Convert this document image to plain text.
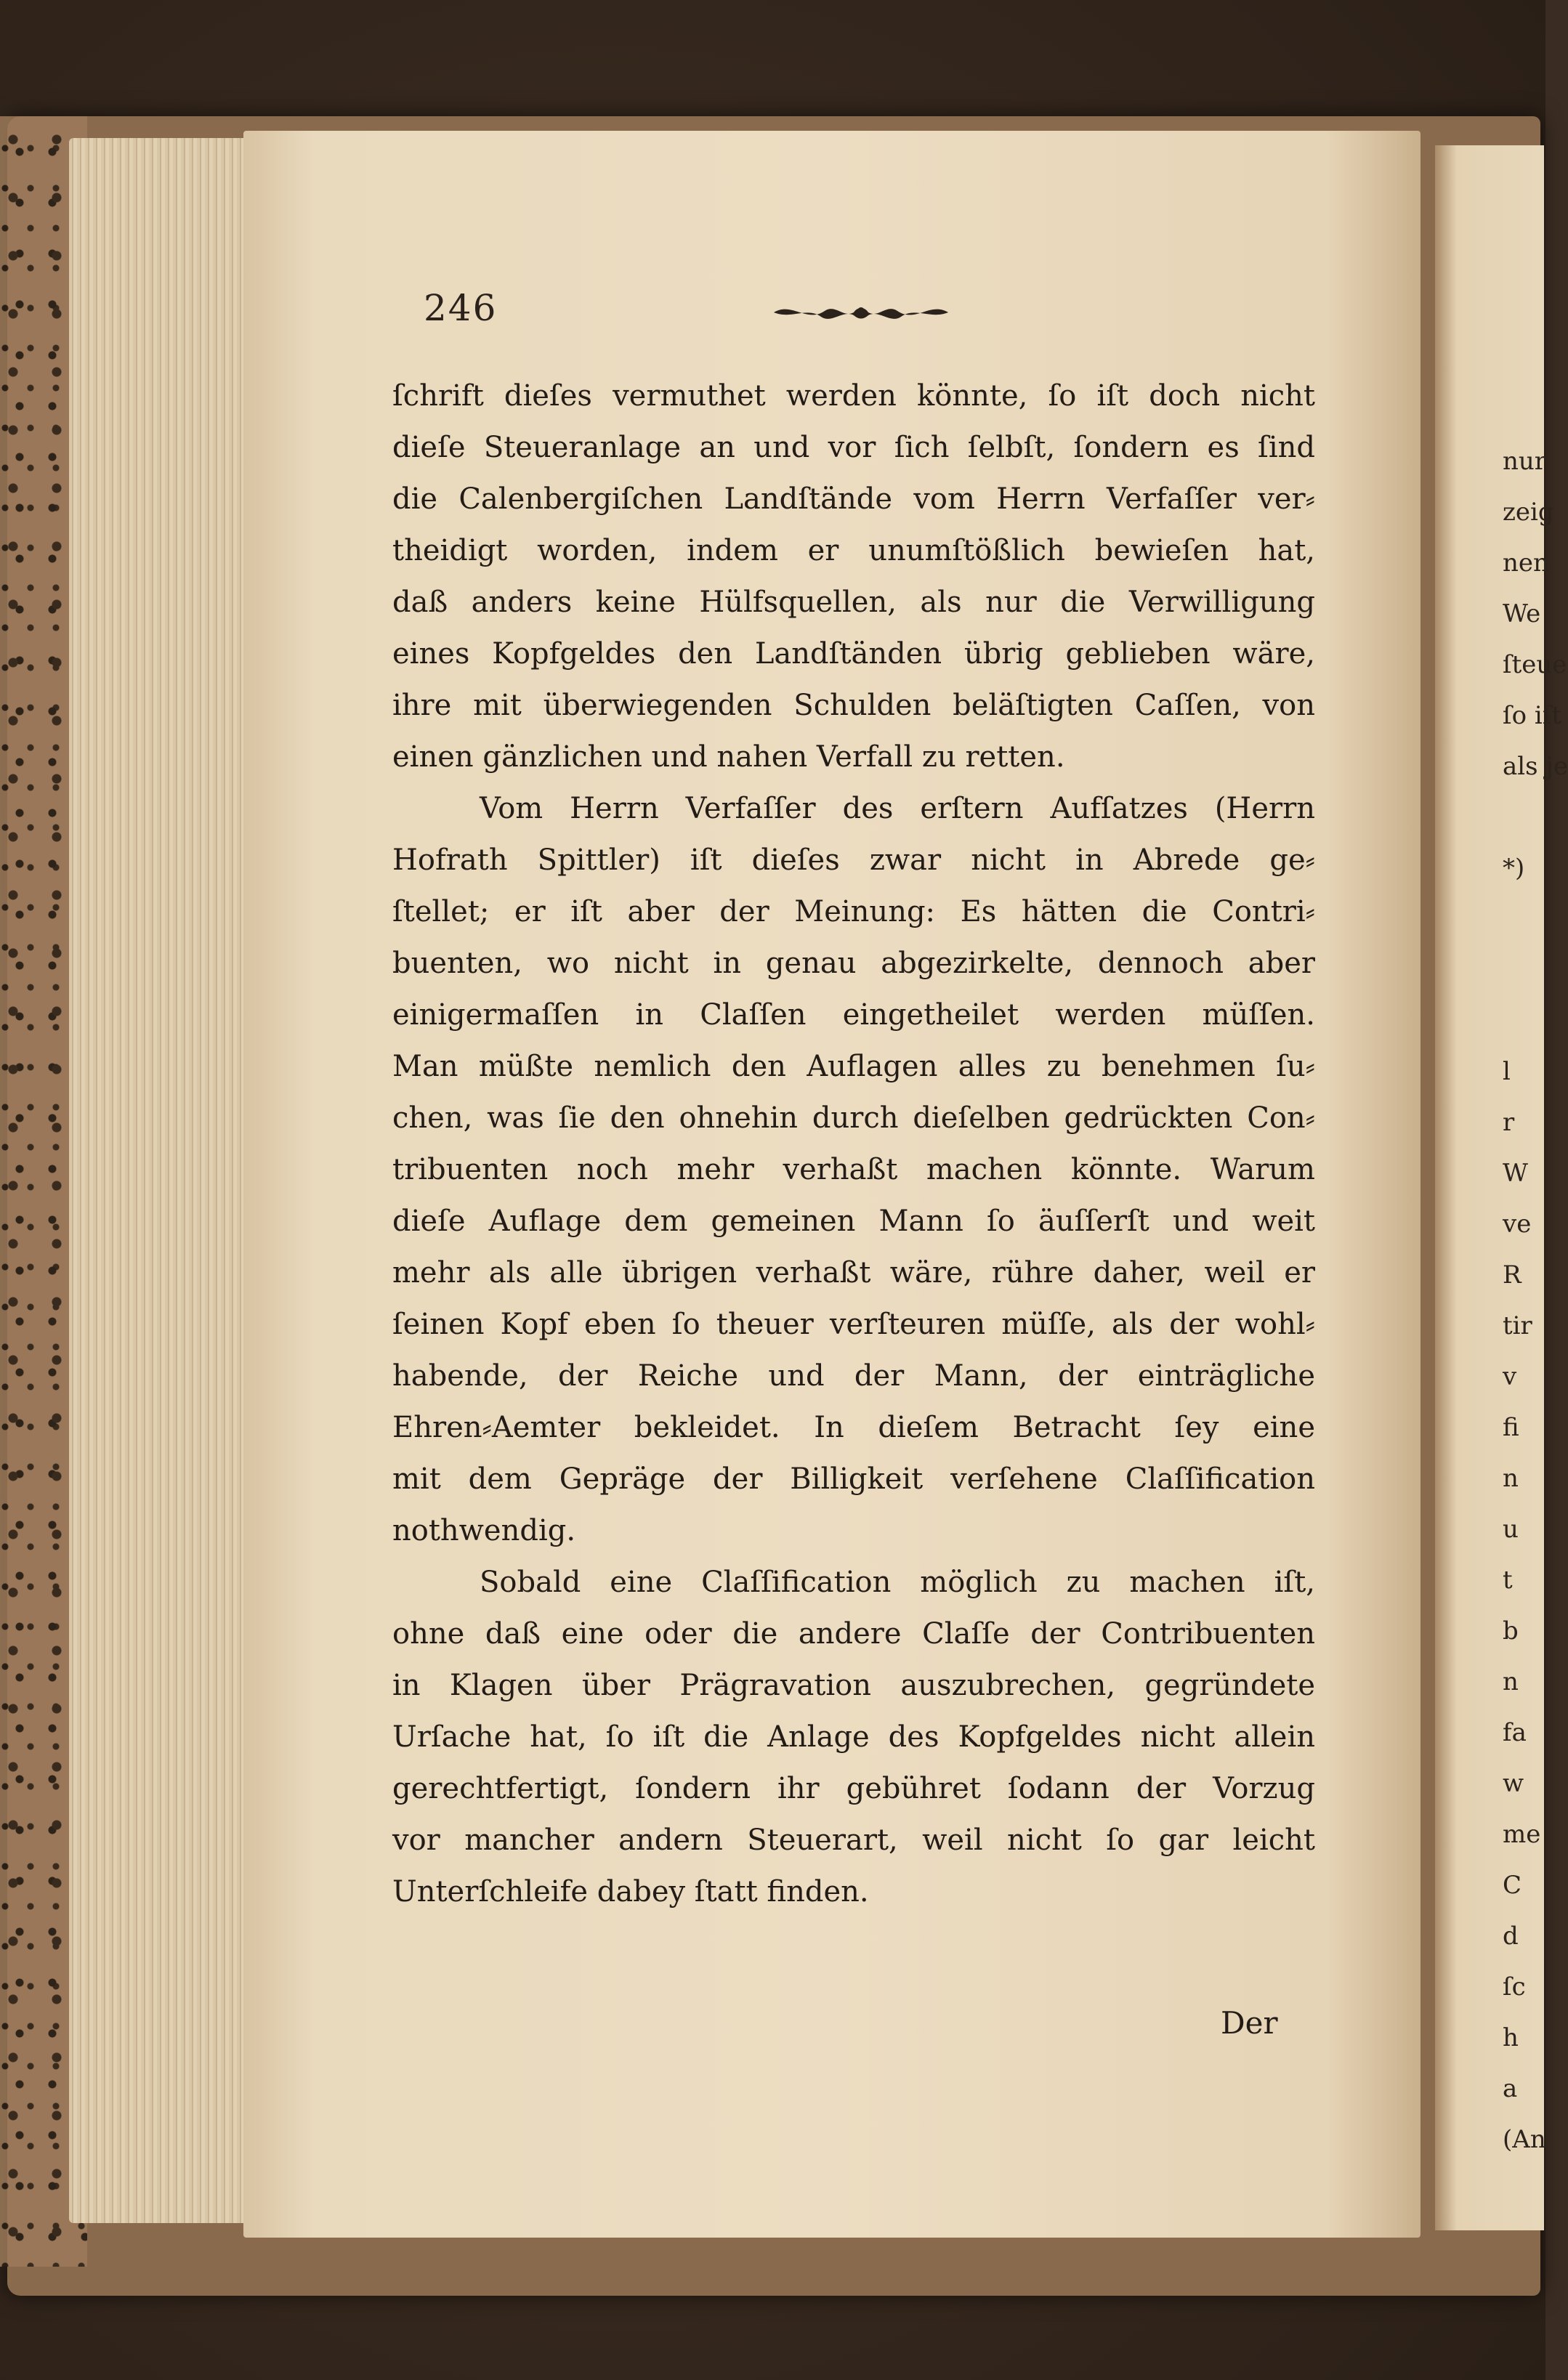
nur
zeig
nen
We
ſteue
ſo iſt
als je
*)
l
r
W
ve
R
tir
v
fi
n
u
t
b
n
fa
w
me
C
d
ſc
h
a
(An
246
ſchrift dieſes vermuthet werden könnte, ſo iſt doch nicht
dieſe Steueranlage an und vor ſich ſelbſt, ſondern es ſind
die Calenbergiſchen Landſtände vom Herrn Verfaſſer ver⸗
theidigt worden, indem er unumſtößlich bewieſen hat,
daß anders keine Hülfsquellen, als nur die Verwilligung
eines Kopfgeldes den Landſtänden übrig geblieben wäre,
ihre mit überwiegenden Schulden beläſtigten Caſſen, von
einen gänzlichen und nahen Verfall zu retten.
Vom Herrn Verfaſſer des erſtern Aufſatzes (Herrn
Hofrath Spittler) iſt dieſes zwar nicht in Abrede ge⸗
ſtellet; er iſt aber der Meinung: Es hätten die Contri⸗
buenten, wo nicht in genau abgezirkelte, dennoch aber
einigermaſſen in Claſſen eingetheilet werden müſſen.
Man müßte nemlich den Auflagen alles zu benehmen ſu⸗
chen, was ſie den ohnehin durch dieſelben gedrückten Con⸗
tribuenten noch mehr verhaßt machen könnte. Warum
dieſe Auflage dem gemeinen Mann ſo äuſſerſt und weit
mehr als alle übrigen verhaßt wäre, rühre daher, weil er
ſeinen Kopf eben ſo theuer verſteuren müſſe, als der wohl⸗
habende, der Reiche und der Mann, der einträgliche
Ehren⸗Aemter bekleidet. In dieſem Betracht ſey eine
mit dem Gepräge der Billigkeit verſehene Claſſification
nothwendig.
Sobald eine Claſſification möglich zu machen iſt,
ohne daß eine oder die andere Claſſe der Contribuenten
in Klagen über Prägravation auszubrechen, gegründete
Urſache hat, ſo iſt die Anlage des Kopfgeldes nicht allein
gerechtfertigt, ſondern ihr gebühret ſodann der Vorzug
vor mancher andern Steuerart, weil nicht ſo gar leicht
Unterſchleife dabey ſtatt finden.
Der
